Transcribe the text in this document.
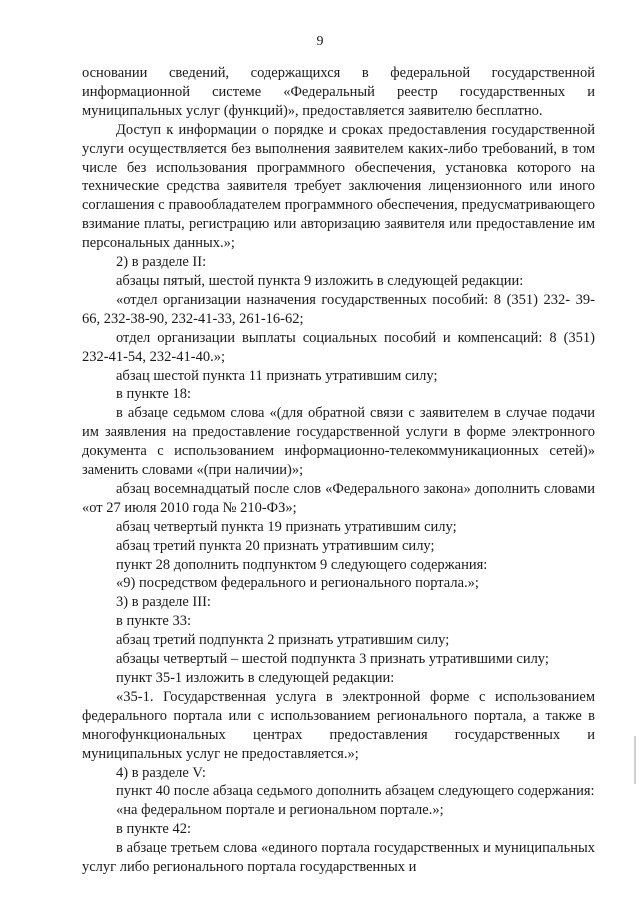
9

основании сведений, содержащихся в федеральной государственной информационной системе «Федеральный реестр государственных и муниципальных услуг (функций)», предоставляется заявителю бесплатно.

Доступ к информации о порядке и сроках предоставления государственной услуги осуществляется без выполнения заявителем каких-либо требований, в том числе без использования программного обеспечения, установка которого на технические средства заявителя требует заключения лицензионного или иного соглашения с правообладателем программного обеспечения, предусматривающего взимание платы, регистрацию или авторизацию заявителя или предоставление им персональных данных.»;

2) в разделе II:

абзацы пятый, шестой пункта 9 изложить в следующей редакции:

«отдел организации назначения государственных пособий: 8 (351) 232- 39- 66, 232-38-90, 232-41-33, 261-16-62;

отдел организации выплаты социальных пособий и компенсаций: 8 (351) 232-41-54, 232-41-40.»;

абзац шестой пункта 11 признать утратившим силу;

в пункте 18:

в абзаце седьмом слова «(для обратной связи с заявителем в случае подачи им заявления на предоставление государственной услуги в форме электронного документа с использованием информационно-телекоммуникационных сетей)» заменить словами «(при наличии)»;

абзац восемнадцатый после слов «Федерального закона» дополнить словами «от 27 июля 2010 года № 210-ФЗ»;

абзац четвертый пункта 19 признать утратившим силу;

абзац третий пункта 20 признать утратившим силу;

пункт 28 дополнить подпунктом 9 следующего содержания:

«9) посредством федерального и регионального портала.»;

3) в разделе III:

в пункте 33:

абзац третий подпункта 2 признать утратившим силу;

абзацы четвертый – шестой подпункта 3 признать утратившими силу;

пункт 35-1 изложить в следующей редакции:

«35-1. Государственная услуга в электронной форме с использованием федерального портала или с использованием регионального портала, а также в многофункциональных центрах предоставления государственных и муниципальных услуг не предоставляется.»;

4) в разделе V:

пункт 40 после абзаца седьмого дополнить абзацем следующего содержания:

«на федеральном портале и региональном портале.»;

в пункте 42:

в абзаце третьем слова «единого портала государственных и муниципальных услуг либо регионального портала государственных и
